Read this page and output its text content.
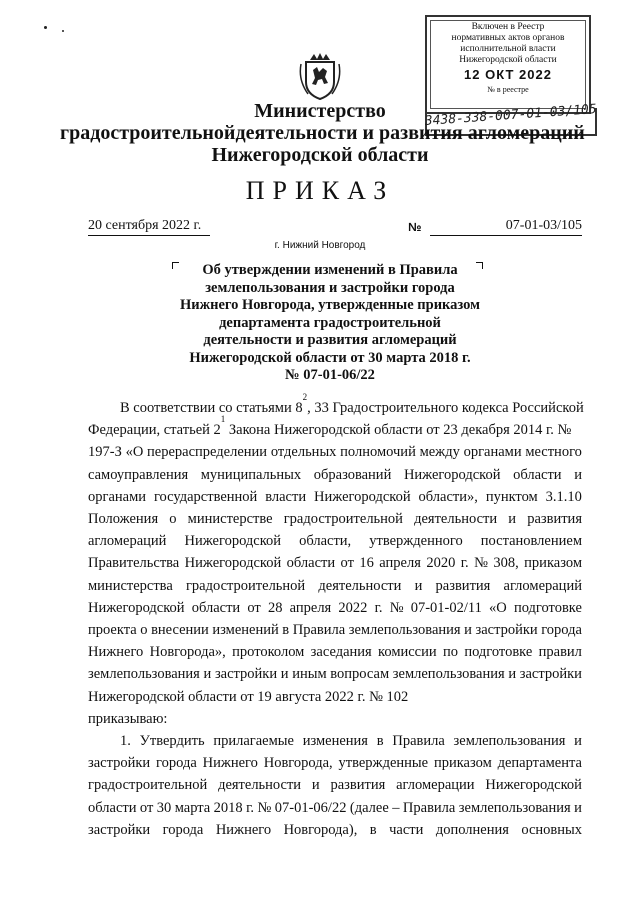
Включен в Реестр
нормативных актов органов
исполнительной власти
Нижегородской области
12 ОКТ 2022
№ в реестре
3438-338-007-01-03/105
Министерство
градостроительнойдеятельности и развития агломераций
Нижегородской области
ПРИКАЗ
20 сентября 2022 г.	№	07-01-03/105
г. Нижний Новгород
Об утверждении изменений в Правила
землепользования и застройки города
Нижнего Новгорода, утвержденные приказом
департамента градостроительной
деятельности и развития агломераций
Нижегородской области от 30 марта 2018 г.
№ 07-01-06/22
В соответствии со статьями 8
2
, 33 Градостроительного кодекса Российской
Федерации, статьей 2
1
Закона Нижегородской области от 23 декабря 2014 г. №
197-З «О перераспределении отдельных полномочий между органами местного
самоуправления муниципальных образований Нижегородской области и
органами государственной власти Нижегородской области», пунктом 3.1.10
Положения о министерстве градостроительной деятельности и развития
агломераций Нижегородской области, утвержденного постановлением
Правительства Нижегородской области от 16 апреля 2020 г. № 308, приказом
министерства градостроительной деятельности и развития агломераций
Нижегородской области от 28 апреля 2022 г. № 07-01-02/11 «О подготовке
проекта о внесении изменений в Правила землепользования и застройки города
Нижнего Новгорода», протоколом заседания комиссии по подготовке правил
землепользования и застройки и иным вопросам землепользования и застройки
Нижегородской области от 19 августа 2022 г. № 102
приказываю:
1. Утвердить прилагаемые изменения в Правила землепользования и
застройки города Нижнего Новгорода, утвержденные приказом департамента
градостроительной деятельности и развития агломерации Нижегородской
области от 30 марта 2018 г. № 07-01-06/22 (далее – Правила землепользования и
застройки города Нижнего Новгорода), в части дополнения основных
